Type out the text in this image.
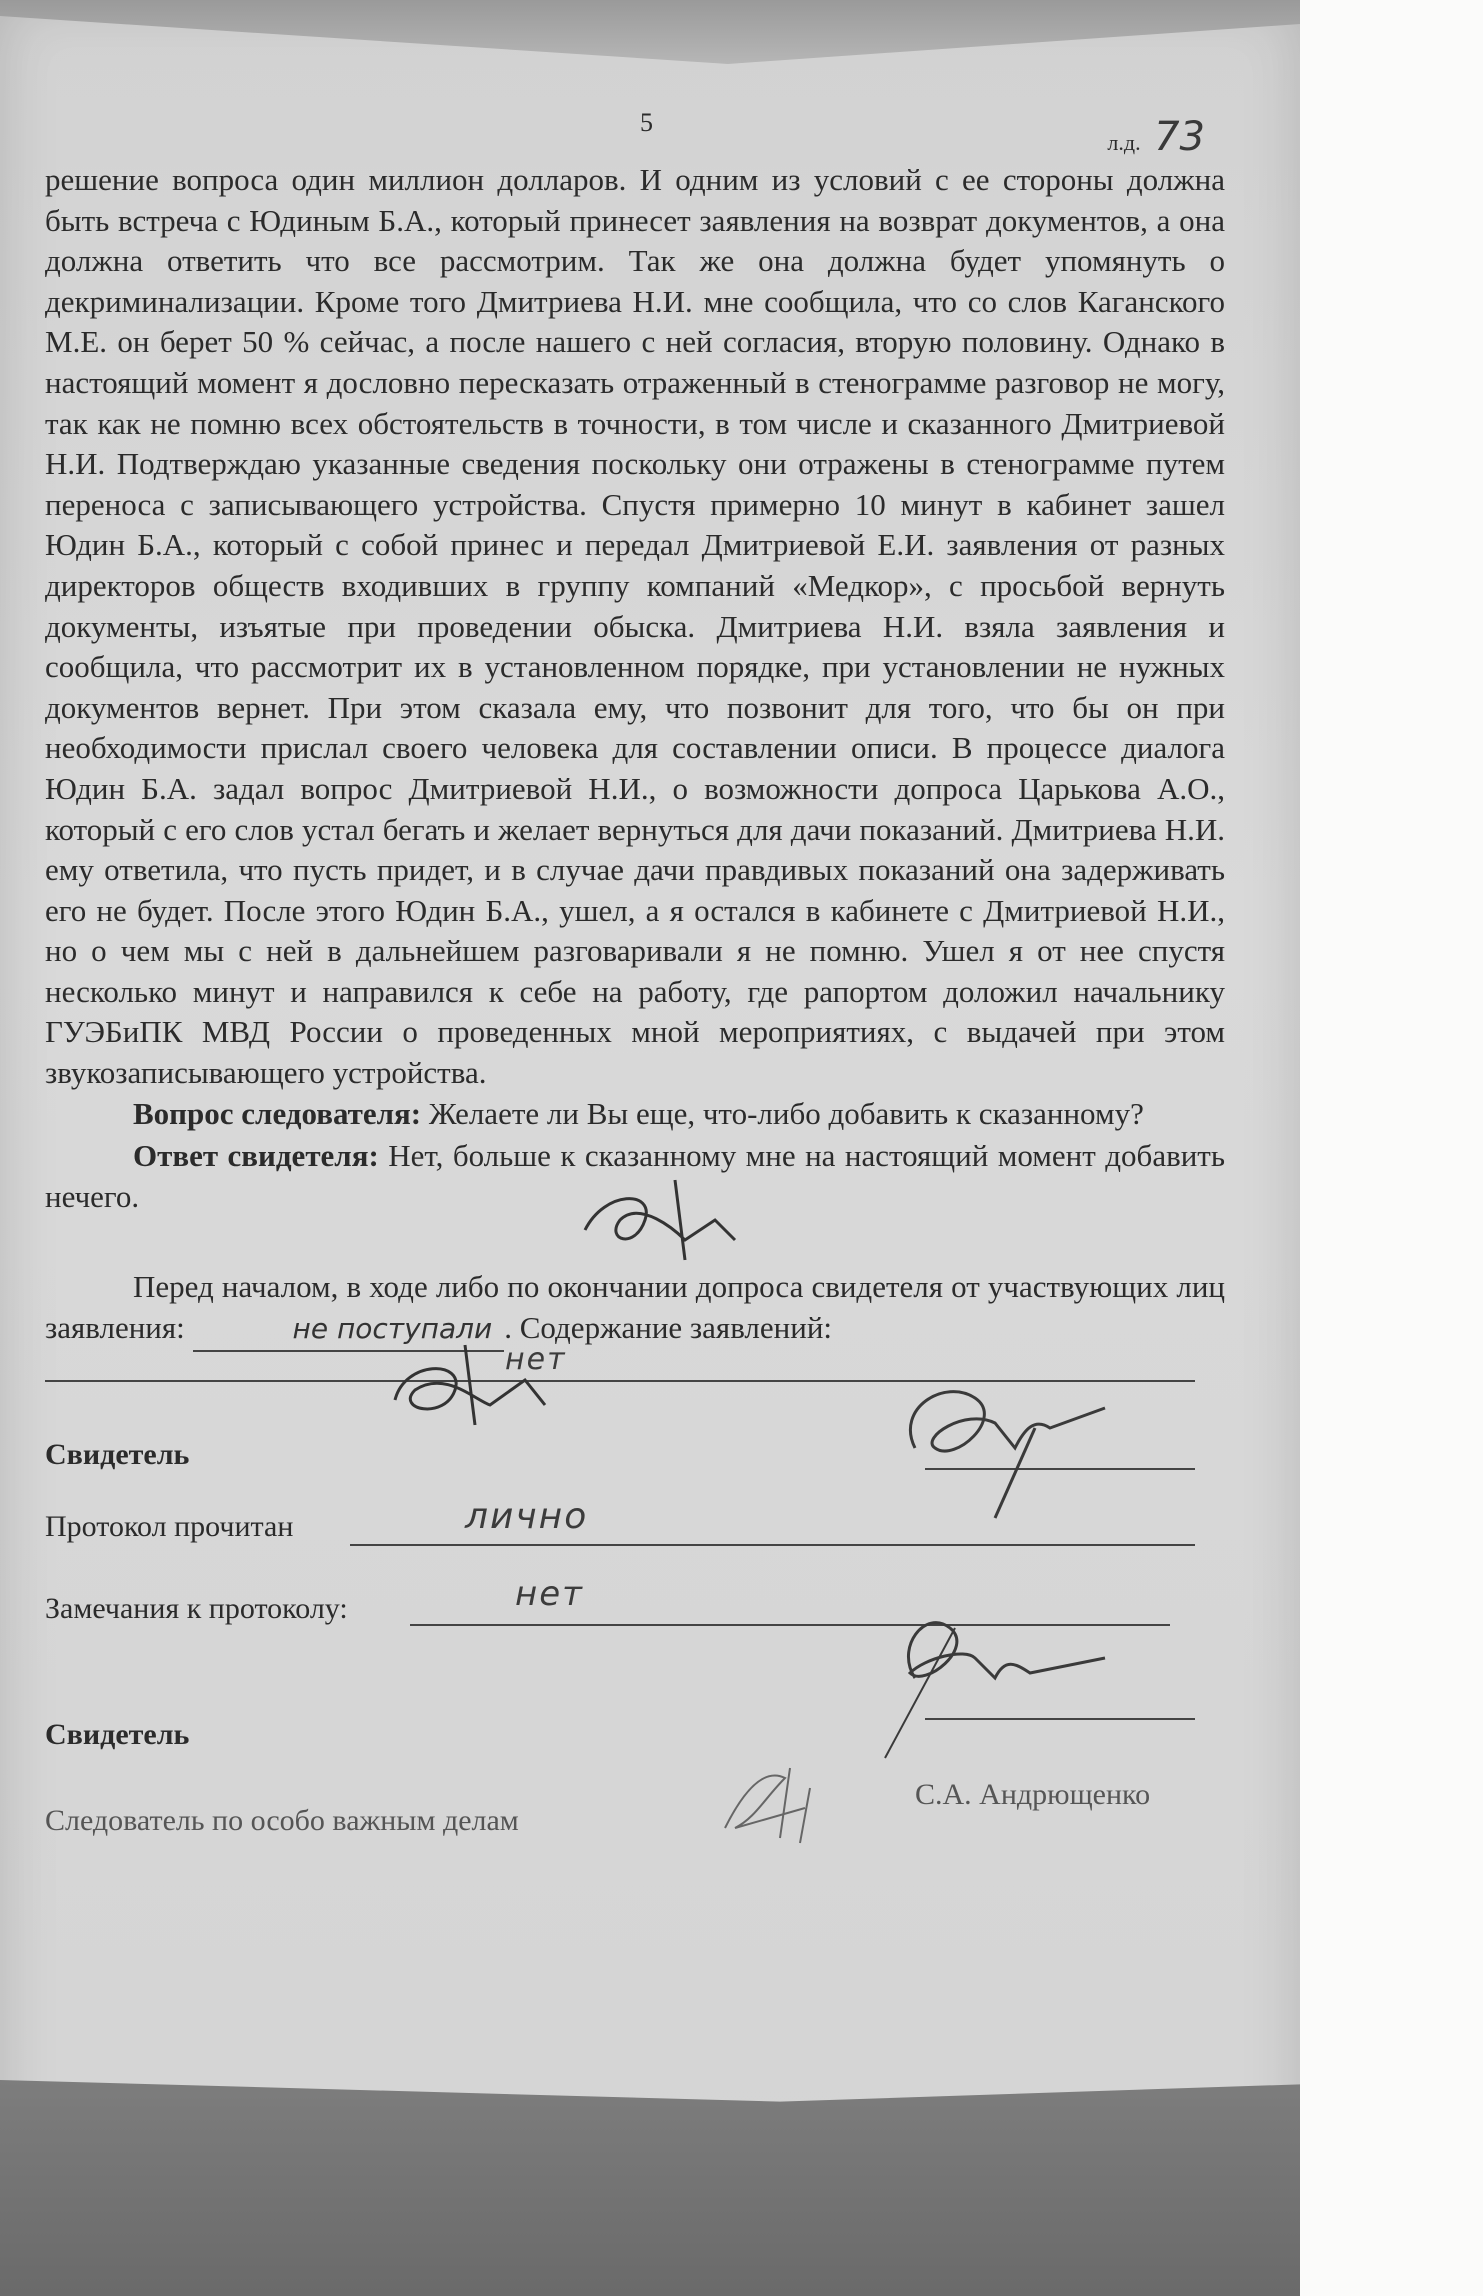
5
л.д. 73

решение вопроса один миллион долларов. И одним из условий с ее стороны должна быть встреча с Юдиным Б.А., который принесет заявления на возврат документов, а она должна ответить что все рассмотрим. Так же она должна будет упомянуть о декриминализации. Кроме того Дмитриева Н.И. мне сообщила, что со слов Каганского М.Е. он берет 50 % сейчас, а после нашего с ней согласия, вторую половину. Однако в настоящий момент я дословно пересказать отраженный в стенограмме разговор не могу, так как не помню всех обстоятельств в точности, в том числе и сказанного Дмитриевой Н.И. Подтверждаю указанные сведения поскольку они отражены в стенограмме путем переноса с записывающего устройства. Спустя примерно 10 минут в кабинет зашел Юдин Б.А., который с собой принес и передал Дмитриевой Е.И. заявления от разных директоров обществ входивших в группу компаний «Медкор», с просьбой вернуть документы, изъятые при проведении обыска. Дмитриева Н.И. взяла заявления и сообщила, что рассмотрит их в установленном порядке, при установлении не нужных документов вернет. При этом сказала ему, что позвонит для того, что бы он при необходимости прислал своего человека для составлении описи. В процессе диалога Юдин Б.А. задал вопрос Дмитриевой Н.И., о возможности допроса Царькова А.О., который с его слов устал бегать и желает вернуться для дачи показаний. Дмитриева Н.И. ему ответила, что пусть придет, и в случае дачи правдивых показаний она задерживать его не будет. После этого Юдин Б.А., ушел, а я остался в кабинете с Дмитриевой Н.И., но о чем мы с ней в дальнейшем разговаривали я не помню. Ушел я от нее спустя несколько минут и направился к себе на работу, где рапортом доложил начальнику ГУЭБиПК МВД России о проведенных мной мероприятиях, с выдачей при этом звукозаписывающего устройства.

Вопрос следователя: Желаете ли Вы еще, что-либо добавить к сказанному?

Ответ свидетеля: Нет, больше к сказанному мне на настоящий момент добавить нечего.

Перед началом, в ходе либо по окончании допроса свидетеля от участвующих лиц заявления:	не поступали . Содержание заявлений:

нет
Свидетель
Протокол прочитан	лично
Замечания к протоколу:	нет
Свидетель
Следователь по особо важным делам
С.А. Андрющенко
